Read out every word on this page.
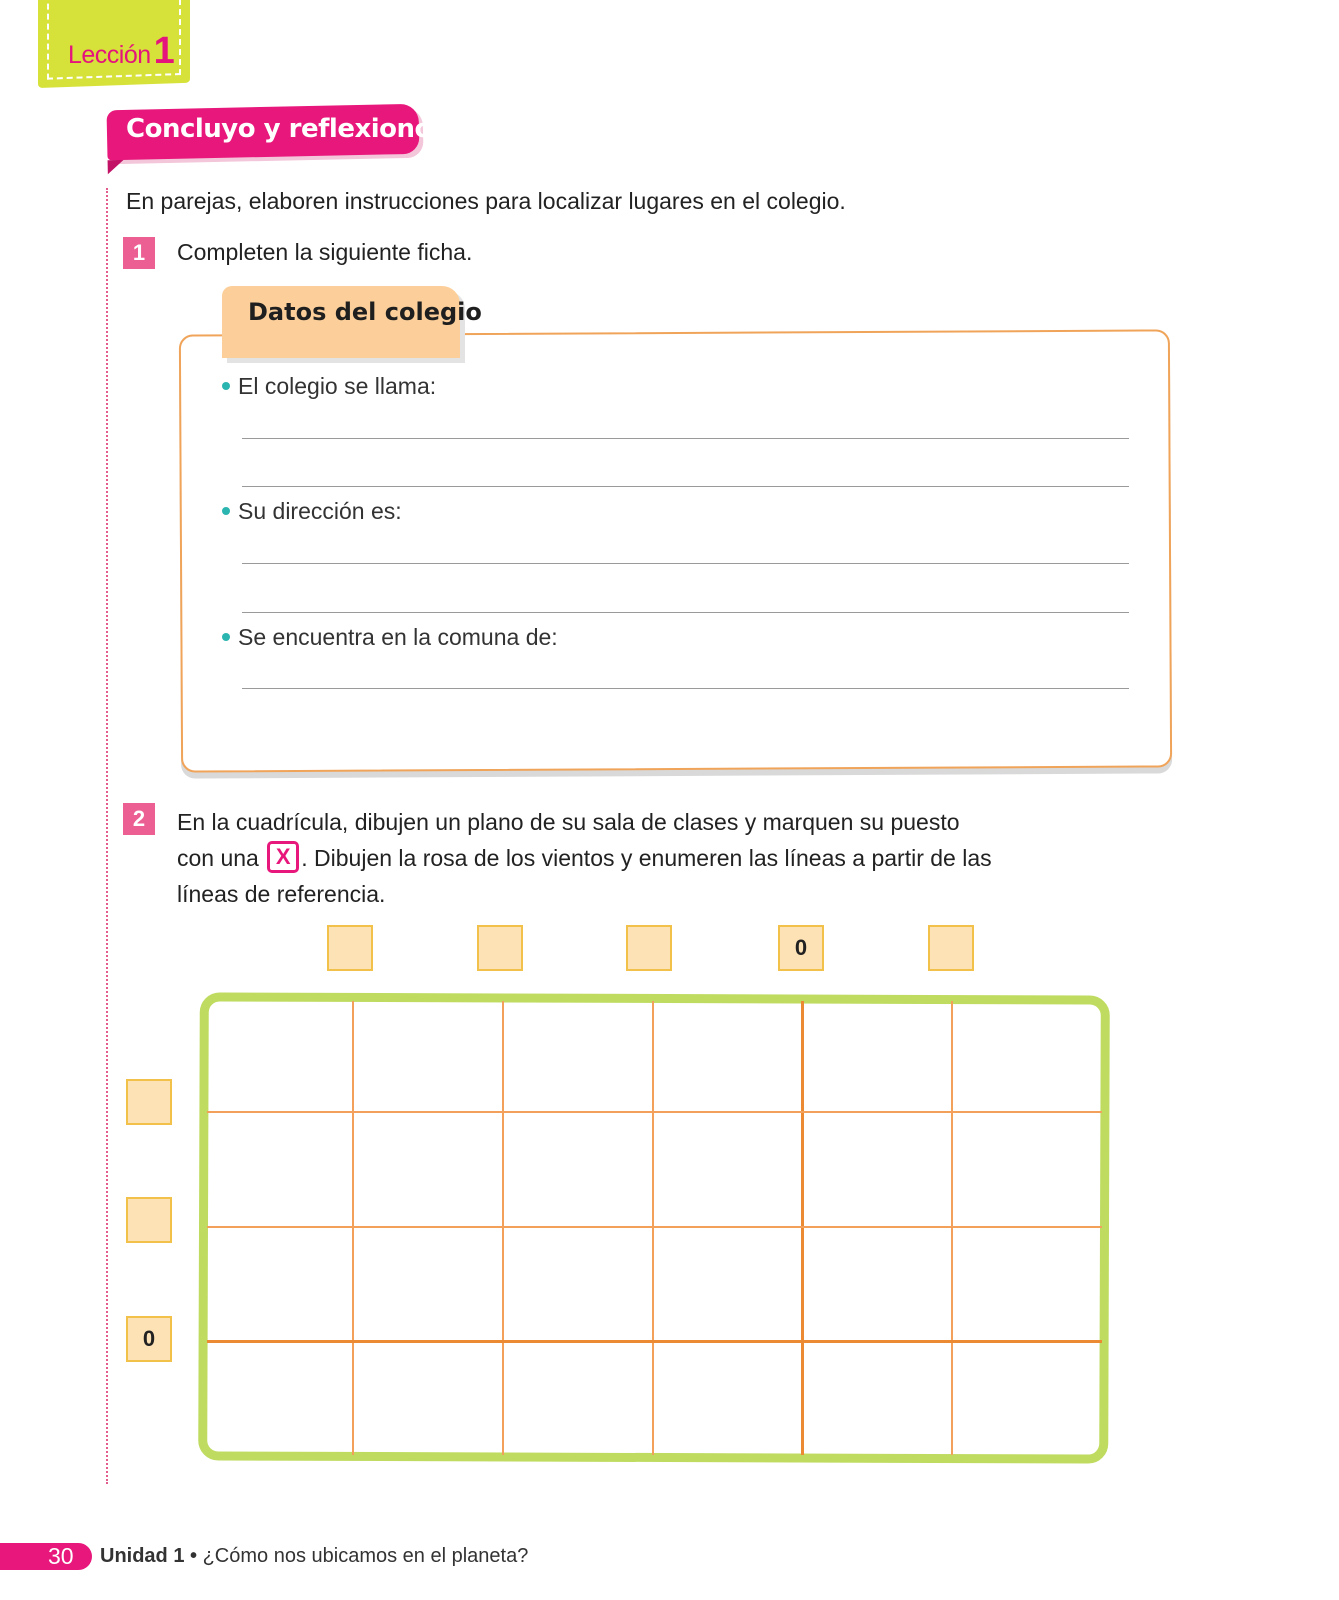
Lección1
Concluyo y reflexiono
En parejas, elaboren instrucciones para localizar lugares en el colegio.
1	Completen la siguiente ficha.
Datos del colegio
El colegio se llama:
Su dirección es:
Se encuentra en la comuna de:
2	En la cuadrícula, dibujen un plano de su sala de clases y marquen su puesto
con una X . Dibujen la rosa de los vientos y enumeren las líneas a partir de las
líneas de referencia.
0
0
30 Unidad 1 • ¿Cómo nos ubicamos en el planeta?
